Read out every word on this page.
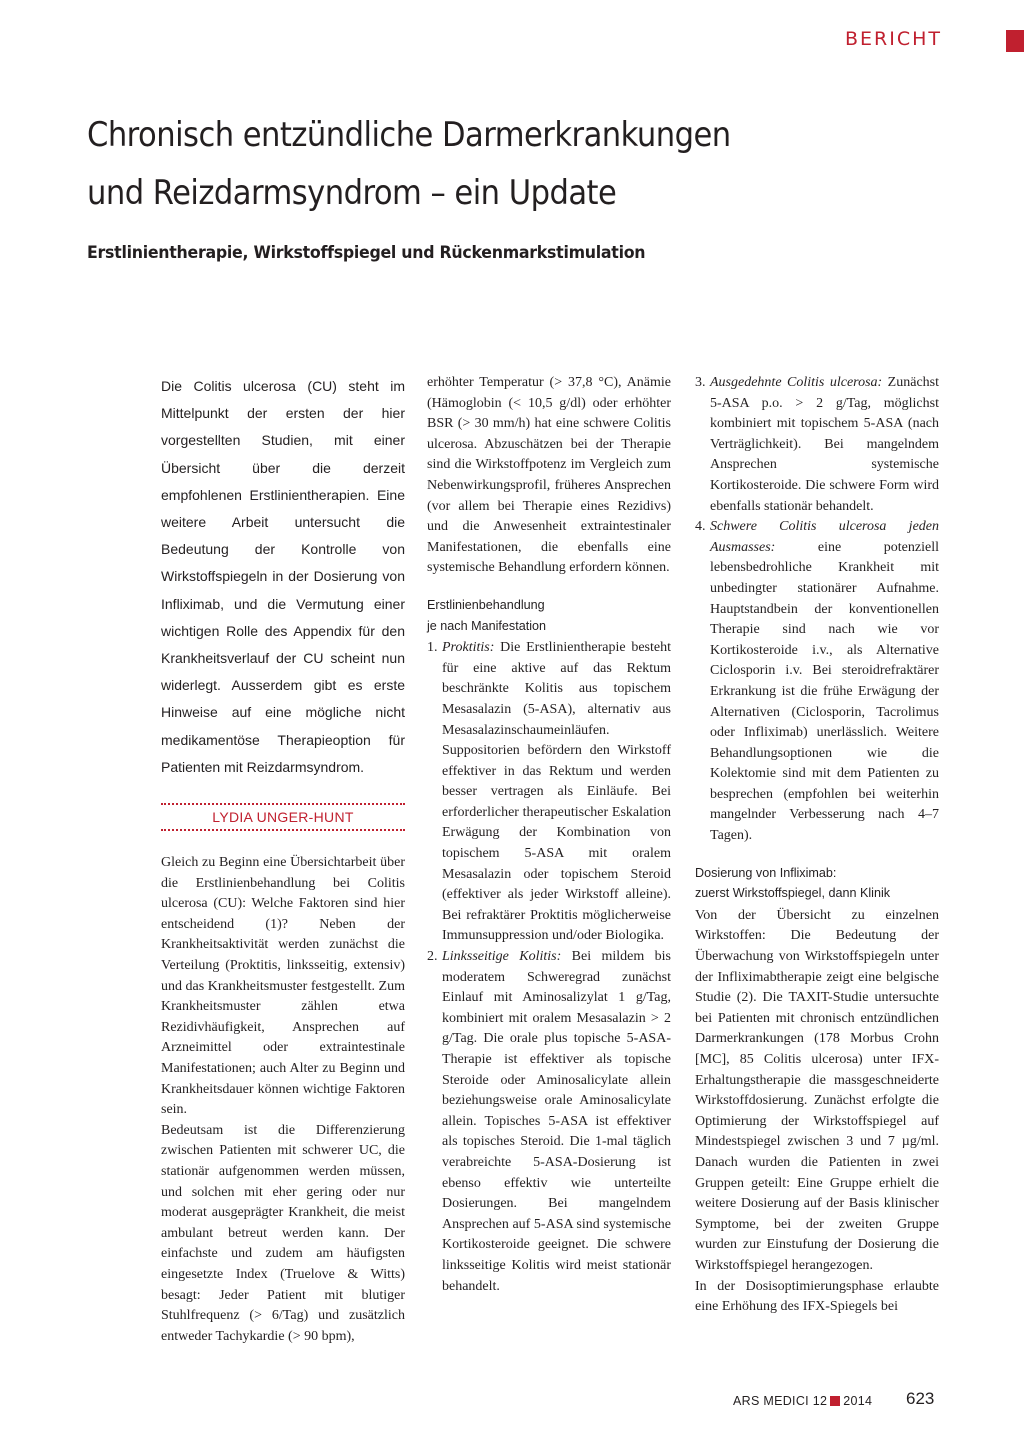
BERICHT
Chronisch entzündliche Darmerkrankungen
und Reizdarmsyndrom – ein Update
Erstlinientherapie, Wirkstoffspiegel und Rückenmarkstimulation

Die Colitis ulcerosa (CU) steht im Mittelpunkt der ersten der hier vorgestellten Studien, mit einer Übersicht über die derzeit empfohlenen Erstlinientherapien. Eine weitere Arbeit untersucht die Bedeutung der Kontrolle von Wirkstoffspiegeln in der Dosierung von Infliximab, und die Vermutung einer wichtigen Rolle des Appendix für den Krankheitsverlauf der CU scheint nun widerlegt. Ausserdem gibt es erste Hinweise auf eine mögliche nicht medikamentöse Therapieoption für Patienten mit Reizdarmsyndrom.

LYDIA UNGER-HUNT

Gleich zu Beginn eine Übersichtarbeit über die Erstlinienbehandlung bei Colitis ulcerosa (CU): Welche Faktoren sind hier entscheidend (1)? Neben der Krankheitsaktivität werden zunächst die Verteilung (Proktitis, linksseitig, extensiv) und das Krankheitsmuster festgestellt. Zum Krankheitsmuster zählen etwa Rezidivhäufigkeit, Ansprechen auf Arzneimittel oder extraintestinale Manifestationen; auch Alter zu Beginn und Krankheitsdauer können wichtige Faktoren sein.

Bedeutsam ist die Differenzierung zwischen Patienten mit schwerer UC, die stationär aufgenommen werden müssen, und solchen mit eher gering oder nur moderat ausgeprägter Krankheit, die meist ambulant betreut werden kann. Der einfachste und zudem am häufigsten eingesetzte Index (Truelove & Witts) besagt: Jeder Patient mit blutiger Stuhlfrequenz (> 6/Tag) und zusätzlich entweder Tachykardie (> 90 bpm),

erhöhter Temperatur (> 37,8 °C), Anämie (Hämoglobin (< 10,5 g/dl) oder erhöhter BSR (> 30 mm/h) hat eine schwere Colitis ulcerosa. Abzuschätzen bei der Therapie sind die Wirkstoffpotenz im Vergleich zum Nebenwirkungsprofil, früheres Ansprechen (vor allem bei Therapie eines Rezidivs) und die Anwesenheit extraintestinaler Manifestationen, die ebenfalls eine systemische Behandlung erfordern können.

Erstlinienbehandlung
je nach Manifestation
1. Proktitis: Die Erstlinientherapie besteht für eine aktive auf das Rektum beschränkte Kolitis aus topischem Mesasalazin (5-ASA), alternativ aus Mesasalazinschaumeinläufen. Suppositorien befördern den Wirkstoff effektiver in das Rektum und werden besser vertragen als Einläufe. Bei erforderlicher therapeutischer Eskalation Erwägung der Kombination von topischem 5-ASA mit oralem Mesasalazin oder topischem Steroid (effektiver als jeder Wirkstoff alleine). Bei refraktärer Proktitis möglicherweise Immunsuppression und/oder Biologika.
2. Linksseitige Kolitis: Bei mildem bis moderatem Schweregrad zunächst Einlauf mit Aminosalizylat 1 g/Tag, kombiniert mit oralem Mesasalazin > 2 g/Tag. Die orale plus topische 5-ASA-Therapie ist effektiver als topische Steroide oder Aminosalicylate allein beziehungsweise orale Aminosalicylate allein. Topisches 5-ASA ist effektiver als topisches Steroid. Die 1-mal täglich verabreichte 5-ASA-Dosierung ist ebenso effektiv wie unterteilte Dosierungen. Bei mangelndem Ansprechen auf 5-ASA sind systemische Kortikosteroide geeignet. Die schwere linksseitige Kolitis wird meist stationär behandelt.
3. Ausgedehnte Colitis ulcerosa: Zunächst 5-ASA p.o. > 2 g/Tag, möglichst kombiniert mit topischem 5-ASA (nach Verträglichkeit). Bei mangelndem Ansprechen systemische Kortikosteroide. Die schwere Form wird ebenfalls stationär behandelt.
4. Schwere Colitis ulcerosa jeden Ausmasses: eine potenziell lebensbedrohliche Krankheit mit unbedingter stationärer Aufnahme. Hauptstandbein der konventionellen Therapie sind nach wie vor Kortikosteroide i.v., als Alternative Ciclosporin i.v. Bei steroidrefraktärer Erkrankung ist die frühe Erwägung der Alternativen (Ciclosporin, Tacrolimus oder Infliximab) unerlässlich. Weitere Behandlungsoptionen wie die Kolektomie sind mit dem Patienten zu besprechen (empfohlen bei weiterhin mangelnder Verbesserung nach 4–7 Tagen).
Dosierung von Infliximab:
zuerst Wirkstoffspiegel, dann Klinik

Von der Übersicht zu einzelnen Wirkstoffen: Die Bedeutung der Überwachung von Wirkstoffspiegeln unter der Infliximabtherapie zeigt eine belgische Studie (2). Die TAXIT-Studie untersuchte bei Patienten mit chronisch entzündlichen Darmerkrankungen (178 Morbus Crohn [MC], 85 Colitis ulcerosa) unter IFX-Erhaltungstherapie die massgeschneiderte Wirkstoffdosierung. Zunächst erfolgte die Optimierung der Wirkstoffspiegel auf Mindestspiegel zwischen 3 und 7 µg/ml. Danach wurden die Patienten in zwei Gruppen geteilt: Eine Gruppe erhielt die weitere Dosierung auf der Basis klinischer Symptome, bei der zweiten Gruppe wurden zur Einstufung der Dosierung die Wirkstoffspiegel herangezogen.

In der Dosisoptimierungsphase erlaubte eine Erhöhung des IFX-Spiegels bei

ARS MEDICI 12 2014 623
